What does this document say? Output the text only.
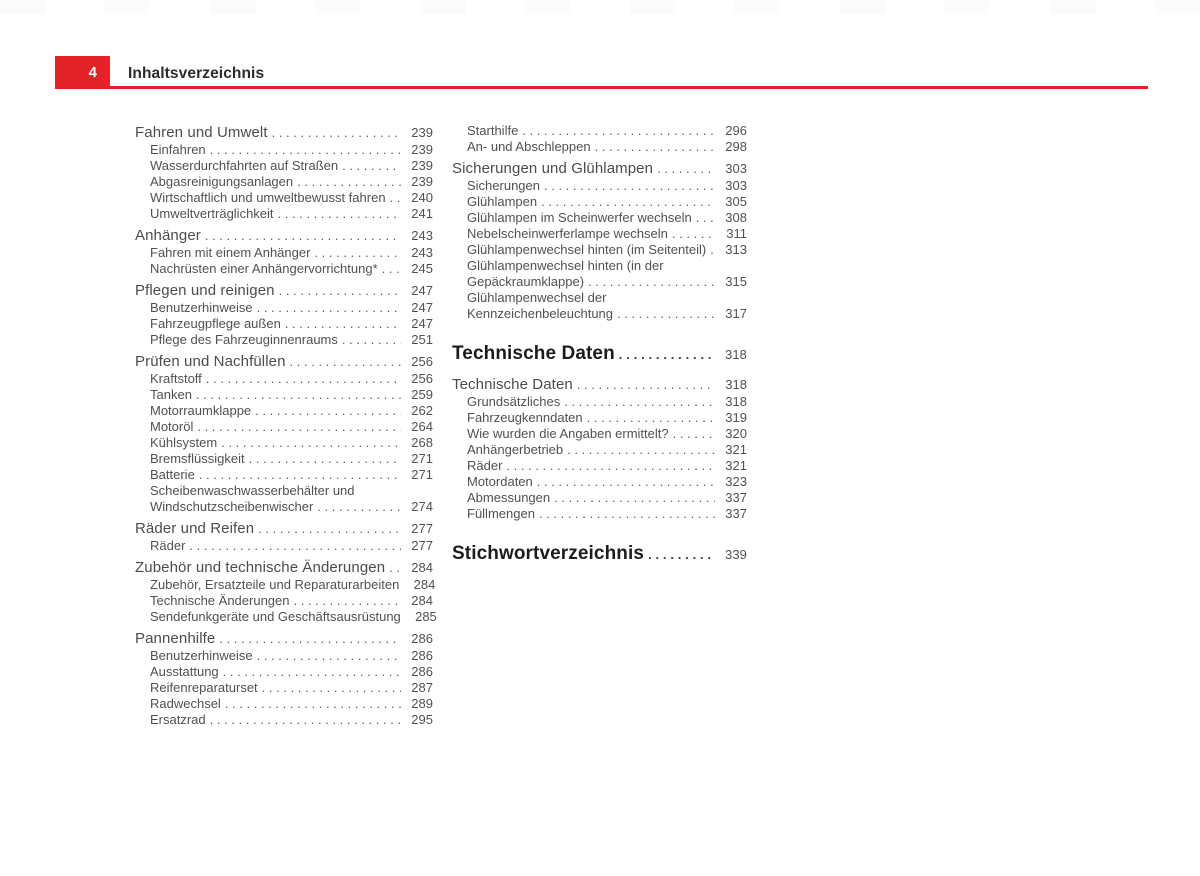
4 Inhaltsverzeichnis
Fahren und Umwelt . . .	239
Einfahren . . .	239
Wasserdurchfahrten auf Straßen . . .	239
Abgasreinigungsanlagen . . .	239
Wirtschaftlich und umweltbewusst fahren . . .	240
Umweltverträglichkeit . . .	241
Anhänger . . .	243
Fahren mit einem Anhänger . . .	243
Nachrüsten einer Anhängervorrichtung* . . .	245
Pflegen und reinigen . . .	247
Benutzerhinweise . . .	247
Fahrzeugpflege außen . . .	247
Pflege des Fahrzeuginnenraums . . .	251
Prüfen und Nachfüllen . . .	256
Kraftstoff . . .	256
Tanken . . .	259
Motorraumklappe . . .	262
Motoröl . . .	264
Kühlsystem . . .	268
Bremsflüssigkeit . . .	271
Batterie . . .	271
Scheibenwaschwasserbehälter und
Windschutzscheibenwischer . . .	274
Räder und Reifen . . .	277
Räder . . .	277
Zubehör und technische Änderungen . . .	284
Zubehör, Ersatzteile und Reparaturarbeiten	284
Technische Änderungen . . .	284
Sendefunkgeräte und Geschäftsausrüstung	285
Pannenhilfe . . .	286
Benutzerhinweise . . .	286
Ausstattung . . .	286
Reifenreparaturset . . .	287
Radwechsel . . .	289
Ersatzrad . . .	295
Starthilfe . . .	296
An- und Abschleppen . . .	298
Sicherungen und Glühlampen . . .	303
Sicherungen . . .	303
Glühlampen . . .	305
Glühlampen im Scheinwerfer wechseln . . .	308
Nebelscheinwerferlampe wechseln . . .	311
Glühlampenwechsel hinten (im Seitenteil) . . .	313
Glühlampenwechsel hinten (in der
Gepäckraumklappe) . . .	315
Glühlampenwechsel der
Kennzeichenbeleuchtung . . .	317
Technische Daten . . .	318
Technische Daten . . .	318
Grundsätzliches . . .	318
Fahrzeugkenndaten . . .	319
Wie wurden die Angaben ermittelt? . . .	320
Anhängerbetrieb . . .	321
Räder . . .	321
Motordaten . . .	323
Abmessungen . . .	337
Füllmengen . . .	337
Stichwortverzeichnis . . .	339
